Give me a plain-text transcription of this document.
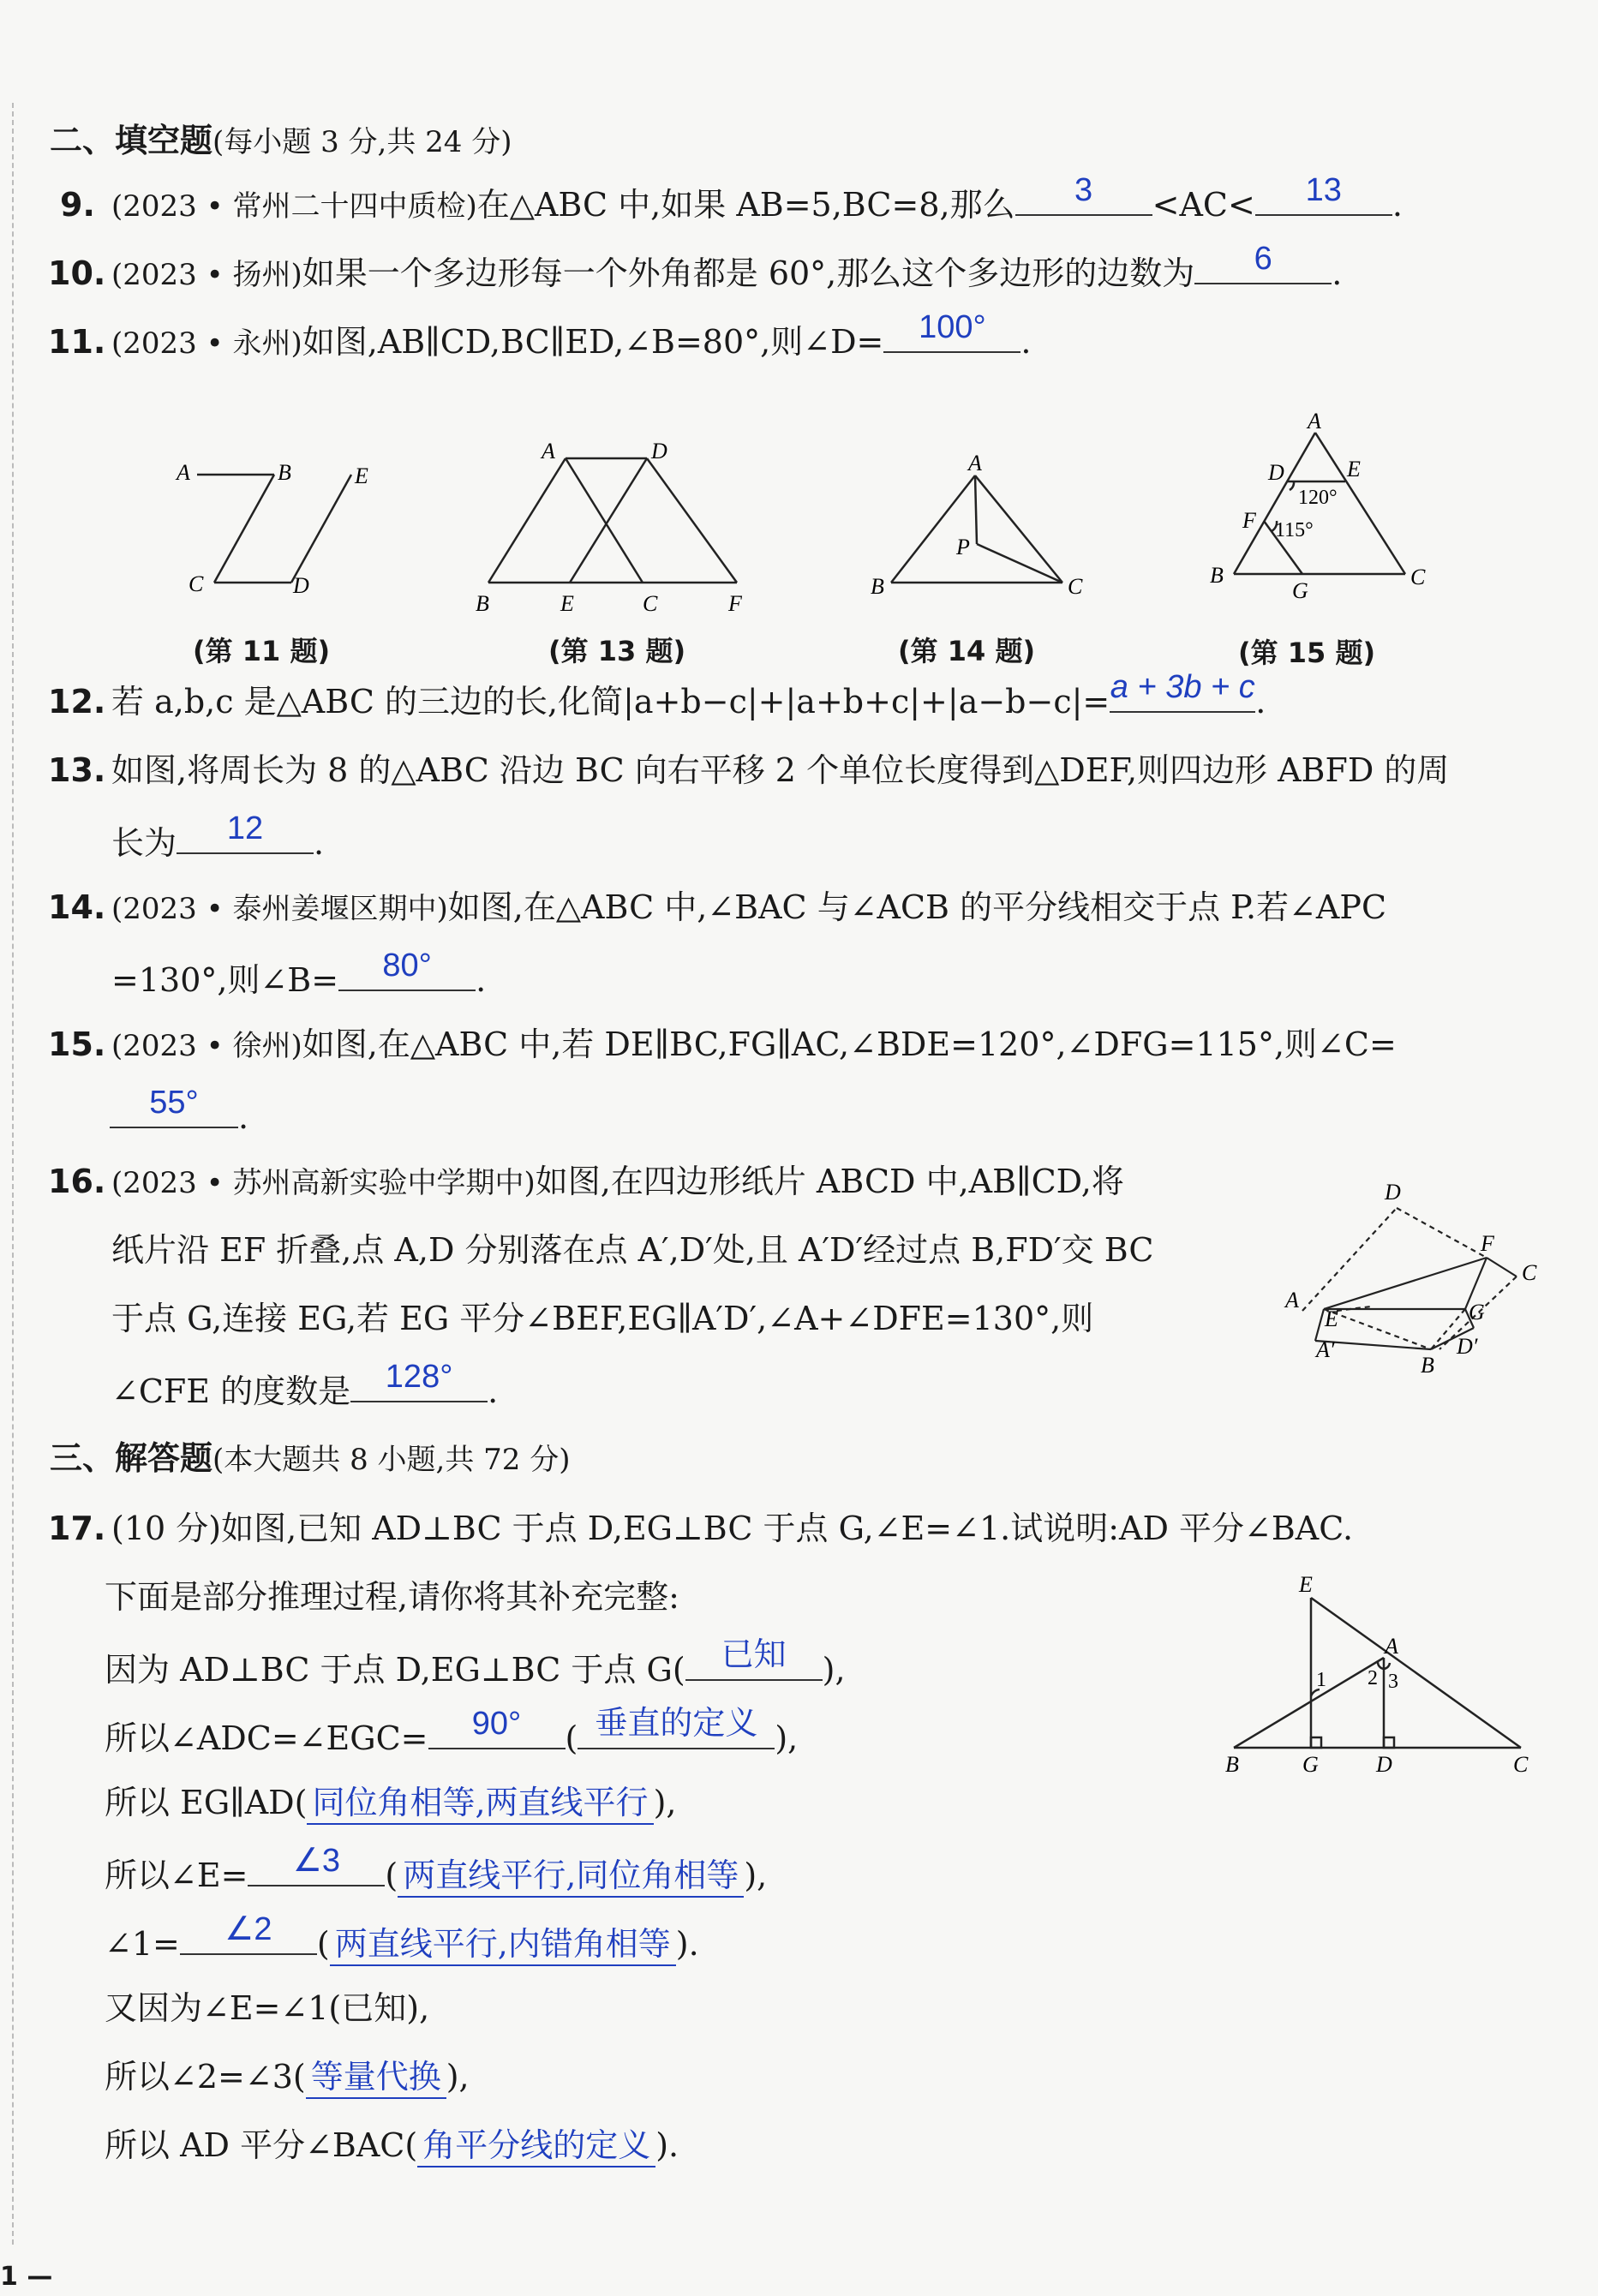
二、填空题(每小题 3 分,共 24 分)
9. (2023 • 常州二十四中质检)在△ABC 中,如果 AB=5,BC=8,那么	3	<AC<	13	.
10. (2023 • 扬州)如果一个多边形每一个外角都是 60°,那么这个多边形的边数为	6	.
11. (2023 • 永州)如图,AB∥CD,BC∥ED,∠B=80°,则∠D=	100°	.
A	B	E
C	D
(第 11 题)
A	D
B	E	C	F
(第 13 题)
A
P
B	C
(第 14 题)
A
D	E
F
B
G
C
120°
115°
(第 15 题)
12. 若 a,b,c 是△ABC 的三边的长,化简|a+b−c|+|a+b+c|+|a−b−c|= a + 3b + c .
13. 如图,将周长为 8 的△ABC 沿边 BC 向右平移 2 个单位长度得到△DEF,则四边形 ABFD 的周
长为	12	.
14. (2023 • 泰州姜堰区期中)如图,在△ABC 中,∠BAC 与∠ACB 的平分线相交于点 P.若∠APC
=130°,则∠B=	80°	.
15. (2023 • 徐州)如图,在△ABC 中,若 DE∥BC,FG∥AC,∠BDE=120°,∠DFG=115°,则∠C=
55°	.
16. (2023 • 苏州高新实验中学期中)如图,在四边形纸片 ABCD 中,AB∥CD,将
纸片沿 EF 折叠,点 A,D 分别落在点 A′,D′处,且 A′D′经过点 B,FD′交 BC
于点 G,连接 EG,若 EG 平分∠BEF,EG∥A′D′,∠A+∠DFE=130°,则
∠CFE 的度数是	128°	.
D
F
C
A
E	G
A′
B
D′
三、解答题(本大题共 8 小题,共 72 分)
17. (10 分)如图,已知 AD⊥BC 于点 D,EG⊥BC 于点 G,∠E=∠1.试说明:AD 平分∠BAC.
下面是部分推理过程,请你将其补充完整:
因为 AD⊥BC 于点 D,EG⊥BC 于点 G(	已知	),
所以∠ADC=∠EGC=	90°	( 垂直的定义 ),
所以 EG∥AD( 同位角相等,两直线平行 ),
所以∠E=	∠3	( 两直线平行,同位角相等 ),
∠1=	∠2	( 两直线平行,内错角相等 ).
又因为∠E=∠1(已知),
所以∠2=∠3( 等量代换 ),
所以 AD 平分∠BAC( 角平分线的定义 ).
E
A
1 2 3
B	G	D	C
1 —
